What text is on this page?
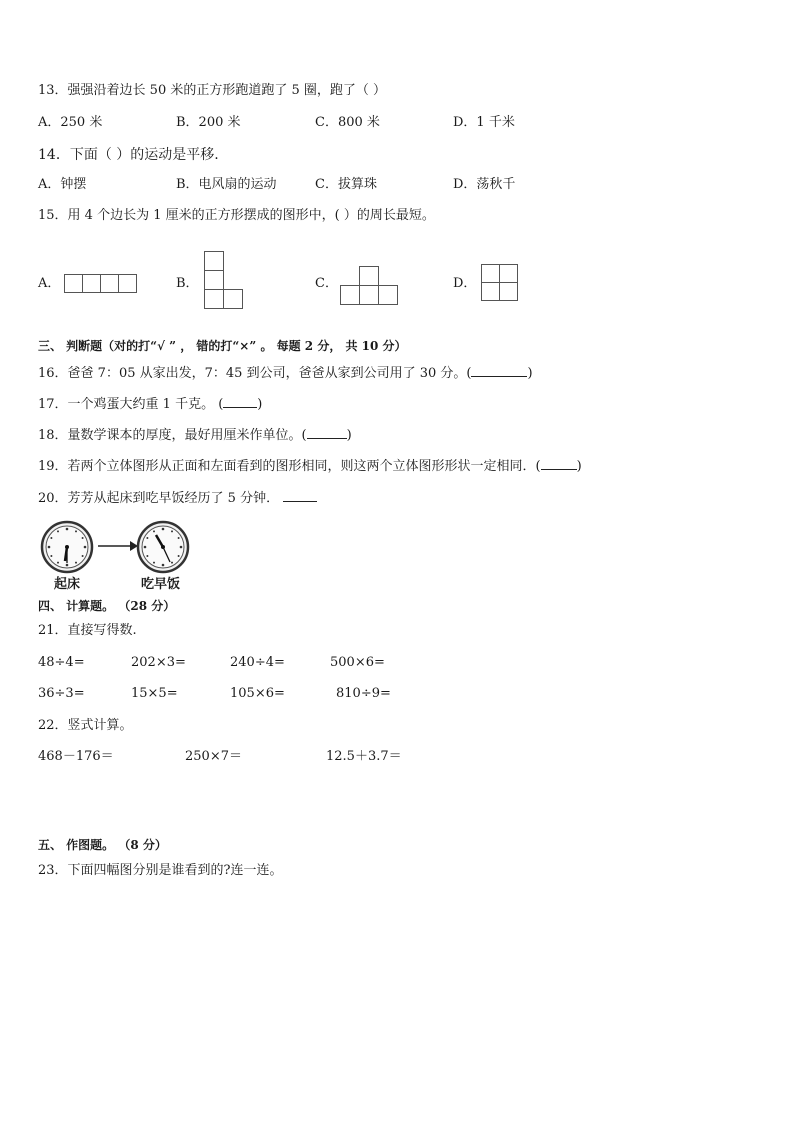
13．强强沿着边长 50 米的正方形跑道跑了 5 圈，跑了（ ）
A．250 米	B．200 米	C．800 米	D．1 千米
14．下面（ ）的运动是平移.
A．钟摆	B．电风扇的运动	C．拔算珠	D．荡秋千
15．用 4 个边长为 1 厘米的正方形摆成的图形中，( ）的周长最短。
A．	B．	C．	D．
三、 判断题（对的打“√ ” ， 错的打“×” 。 每题 2 分， 共 10 分）
16．爸爸 7：05 从家出发，7：45 到公司，爸爸从家到公司用了 30 分。(	)
17．一个鸡蛋大约重 1 千克。 (	)
18．量数学课本的厚度，最好用厘米作单位。(	)
19．若两个立体图形从正面和左面看到的图形相同，则这两个立体图形形状一定相同．(	)
20．芳芳从起床到吃早饭经历了 5 分钟．
起床	吃早饭
四、 计算题。 （28 分）
21．直接写得数.
48÷4=	202×3=	240÷4=	500×6=
36÷3=	15×5=	105×6=	810÷9=
22．竖式计算。
468－176＝	250×7＝	12.5＋3.7＝
五、 作图题。 （8 分）
23．下面四幅图分别是谁看到的?连一连。
